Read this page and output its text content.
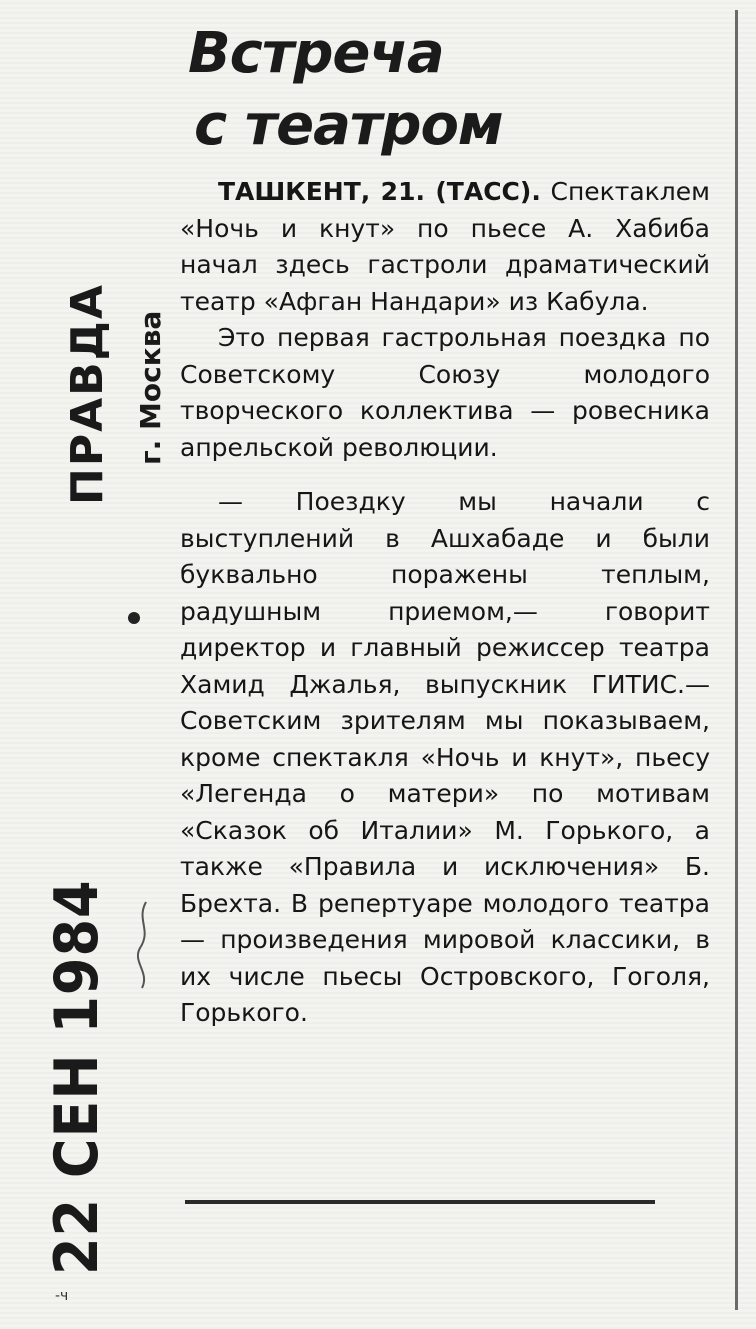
ПРАВДА г. Москва
22 СЕН 1984
-ч
Встреча
с театром

ТАШКЕНТ, 21. (ТАСС). Спектаклем «Ночь и кнут» по пьесе А. Хабиба начал здесь гастроли драматический театр «Афган Нандари» из Кабула.

Это первая гастрольная поездка по Советскому Союзу молодого творческого коллектива — ровесника апрельской революции.

— Поездку мы начали с выступлений в Ашхабаде и были буквально поражены теплым, радушным приемом,— говорит директор и главный режиссер театра Хамид Джалья, выпускник ГИТИС.— Советским зрителям мы показываем, кроме спектакля «Ночь и кнут», пьесу «Легенда о матери» по мотивам «Сказок об Италии» М. Горького, а также «Правила и исключения» Б. Брехта. В репертуаре молодого театра — произведения мировой классики, в их числе пьесы Островского, Гоголя, Горького.
